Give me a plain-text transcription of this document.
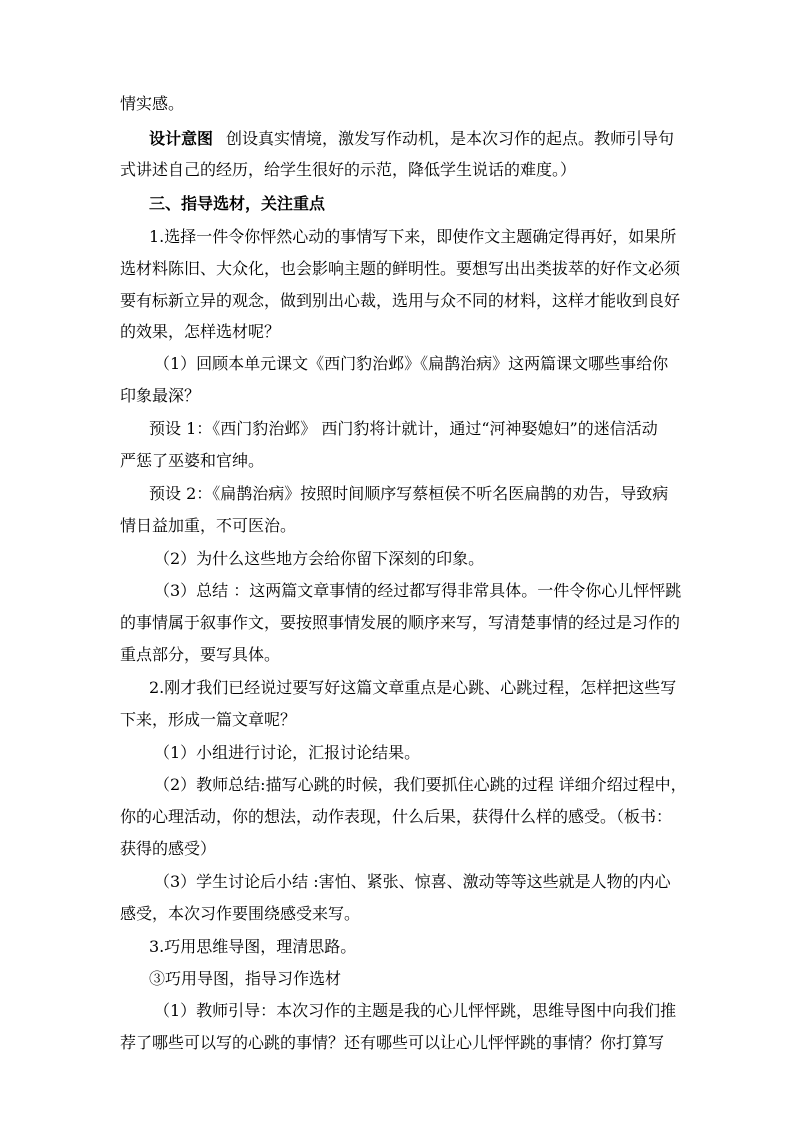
情实感。
设计意图 创设真实情境，激发写作动机，是本次习作的起点。教师引导句
式讲述自己的经历，给学生很好的示范，降低学生说话的难度。）
三、指导选材，关注重点
1.选择一件令你怦然心动的事情写下来，即使作文主题确定得再好，如果所
选材料陈旧、大众化，也会影响主题的鲜明性。要想写出出类拔萃的好作文必须
要有标新立异的观念，做到别出心裁，选用与众不同的材料，这样才能收到良好
的效果，怎样选材呢？
（1）回顾本单元课文《西门豹治邺》《扁鹊治病》这两篇课文哪些事给你
印象最深？
预设 1：《西门豹治邺》 西门豹将计就计，通过“河神娶媳妇”的迷信活动
严惩了巫婆和官绅。
预设 2：《扁鹊治病》按照时间顺序写蔡桓侯不听名医扁鹊的劝告，导致病
情日益加重，不可医治。
（2）为什么这些地方会给你留下深刻的印象。
（3）总结 ：这两篇文章事情的经过都写得非常具体。一件令你心儿怦怦跳
的事情属于叙事作文，要按照事情发展的顺序来写，写清楚事情的经过是习作的
重点部分，要写具体。
2.刚才我们已经说过要写好这篇文章重点是心跳、心跳过程，怎样把这些写
下来，形成一篇文章呢？
（1）小组进行讨论，汇报讨论结果。
（2）教师总结:描写心跳的时候，我们要抓住心跳的过程 详细介绍过程中，
你的心理活动，你的想法，动作表现，什么后果，获得什么样的感受。（板书：
获得的感受）
（3）学生讨论后小结 :害怕、紧张、惊喜、激动等等这些就是人物的内心
感受，本次习作要围绕感受来写。
3.巧用思维导图，理清思路。
③巧用导图，指导习作选材
（1）教师引导：本次习作的主题是我的心儿怦怦跳，思维导图中向我们推
荐了哪些可以写的心跳的事情？还有哪些可以让心儿怦怦跳的事情？你打算写
